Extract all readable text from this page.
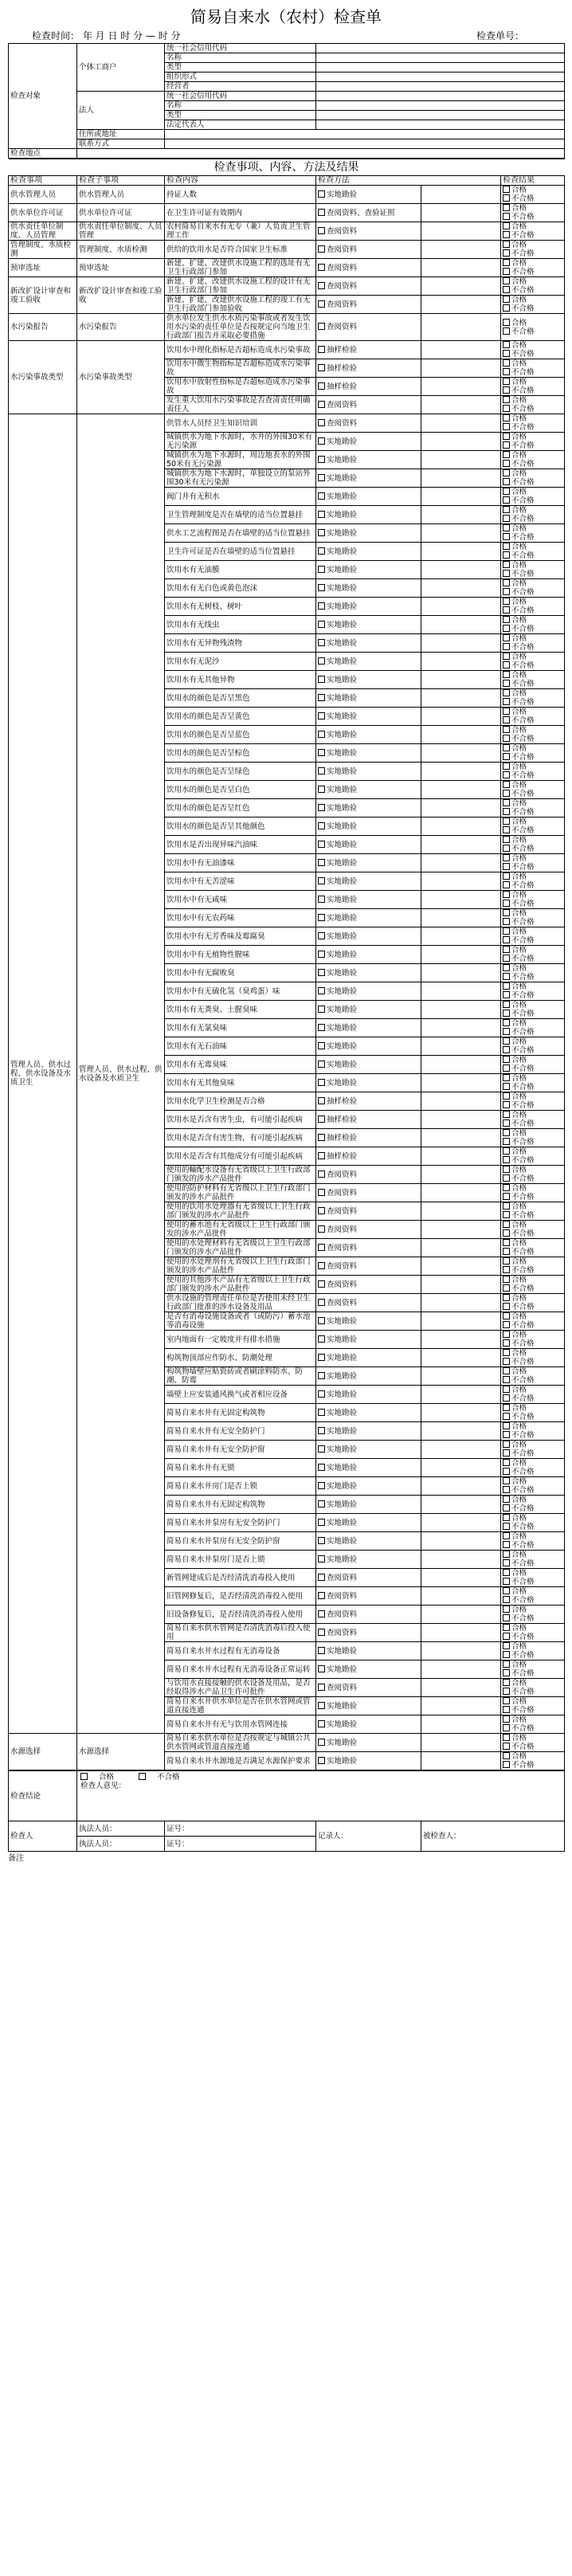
简易自来水（农村）检查单
检查时间： 年 月 日 时 分 — 时 分	检查单号：
检查对象	个体工商户	统一社会信用代码	
		名称	
		类型	
		组织形式	
		经营者	
	法人	统一社会信用代码	
		名称	
		类型	
		法定代表人	
	住所或地址		
	联系方式		
检查地点			
检查事项、内容、方法及结果					
检查事项	检查子事项	检查内容	检查方法		检查结果
供水管理人员	供水管理人员	持证人数	实地勘验		合格
不合格

供水单位许可证	供水单位许可证	在卫生许可证有效期内	查阅资料、查验证照		合格
不合格

供水责任单位制度、人员管理	供水责任单位制度、人员管理	农村简易自来水有无专（兼）人负责卫生管理工作	查阅资料		合格
不合格

管理制度、水质检测	管理制度、水质检测	供给的饮用水是否符合国家卫生标准	查阅资料		合格
不合格

预审选址	预审选址	新建、扩建、改建供水设施工程的选址有无卫生行政部门参加	查阅资料		合格
不合格

新改扩设计审查和竣工验收	新改扩设计审查和竣工验收	新建、扩建、改建供水设施工程的设计有无卫生行政部门参加	查阅资料		合格
不合格

		新建、扩建、改建供水设施工程的竣工有无卫生行政部门参加验收	查阅资料		合格
不合格

水污染报告	水污染报告	供水单位发生供水水质污染事故或者发生饮用水污染的责任单位是否按规定向当地卫生行政部门报告并采取必要措施	查阅资料		合格
不合格

水污染事故类型	水污染事故类型	饮用水中理化指标是否超标造成水污染事故	抽样检验		合格
不合格

		饮用水中微生物指标是否超标造成水污染事故	抽样检验		合格
不合格

		饮用水中放射性指标是否超标造成水污染事故	抽样检验		合格
不合格

		发生重大饮用水污染事故是否查清责任明确责任人	查阅资料		合格
不合格

管理人员、供水过程、供水设备及水质卫生	管理人员、供水过程、供水设备及水质卫生	供管水人员经卫生知识培训	查阅资料		合格
不合格

		城镇供水为地下水源时，水井的外围30米有无污染源	实地勘验		合格
不合格

		城镇供水为地下水源时，周边地表水的外围50米有无污染源	实地勘验		合格
不合格

		城镇供水为地下水源时，单独设立的泵站外围30米有无污染源	实地勘验		合格
不合格

		阀门井有无积水	实地勘验		合格
不合格

		卫生管理制度是否在墙壁的适当位置悬挂	实地勘验		合格
不合格

		供水工艺流程图是否在墙壁的适当位置悬挂	实地勘验		合格
不合格

		卫生许可证是否在墙壁的适当位置悬挂	实地勘验		合格
不合格

		饮用水有无油膜	实地勘验		合格
不合格

		饮用水有无白色或黄色泡沫	实地勘验		合格
不合格

		饮用水有无树枝、树叶	实地勘验		合格
不合格

		饮用水有无线虫	实地勘验		合格
不合格

		饮用水有无异物残渣物	实地勘验		合格
不合格

		饮用水有无泥沙	实地勘验		合格
不合格

		饮用水有无其他异物	实地勘验		合格
不合格

		饮用水的颜色是否呈黑色	实地勘验		合格
不合格

		饮用水的颜色是否呈黄色	实地勘验		合格
不合格

		饮用水的颜色是否呈蓝色	实地勘验		合格
不合格

		饮用水的颜色是否呈棕色	实地勘验		合格
不合格

		饮用水的颜色是否呈绿色	实地勘验		合格
不合格

		饮用水的颜色是否呈白色	实地勘验		合格
不合格

		饮用水的颜色是否呈红色	实地勘验		合格
不合格

		饮用水的颜色是否呈其他颜色	实地勘验		合格
不合格

		饮用水是否出现异味汽油味	实地勘验		合格
不合格

		饮用水中有无油漆味	实地勘验		合格
不合格

		饮用水中有无苦涩味	实地勘验		合格
不合格

		饮用水中有无咸味	实地勘验		合格
不合格

		饮用水中有无农药味	实地勘验		合格
不合格

		饮用水中有无芳香味及霉腐臭	实地勘验		合格
不合格

		饮用水中有无植物性腥味	实地勘验		合格
不合格

		饮用水中有无腐败臭	实地勘验		合格
不合格

		饮用水中有无硫化氢（臭鸡蛋）味	实地勘验		合格
不合格

		饮用水有无粪臭、土腥臭味	实地勘验		合格
不合格

		饮用水有无氯臭味	实地勘验		合格
不合格

		饮用水有无石油味	实地勘验		合格
不合格

		饮用水有无霉臭味	实地勘验		合格
不合格

		饮用水有无其他臭味	实地勘验		合格
不合格

		饮用水化学卫生检测是否合格	抽样检验		合格
不合格

		饮用水是否含有害生虫，有可能引起疾病	抽样检验		合格
不合格

		饮用水是否含有害生物，有可能引起疾病	抽样检验		合格
不合格

		饮用水是否含有其他成分有可能引起疾病	抽样检验		合格
不合格

		使用的輸配水设备有无省级以上卫生行政部门颁发的涉水产品批件	查阅资料		合格
不合格

		使用的防护材料有无省级以上卫生行政部门颁发的涉水产品批件	查阅资料		合格
不合格

		使用的饮用水处理器有无省级以上卫生行政部门颁发的涉水产品批件	查阅资料		合格
不合格

		使用的蓄水池有无省级以上卫生行政部门颁发的涉水产品批件	查阅资料		合格
不合格

		使用的水处理材料有无省级以上卫生行政部门颁发的涉水产品批件	查阅资料		合格
不合格

		使用的水处理剂有无省级以上卫生行政部门颁发的涉水产品批件	查阅资料		合格
不合格

		使用的其他涉水产品有无省级以上卫生行政部门颁发的涉水产品批件	查阅资料		合格
不合格

		供水设施的管理责任单位是否使用未经卫生行政部门批准的涉水设备及用品	查阅资料		合格
不合格

		是否有消毒设施设备或者（或防污）蓄水池等消毒设施	实地勘验		合格
不合格

		室内地面有一定坡度并有排水措施	实地勘验		合格
不合格

		构筑物顶部应作防水、防潮处理	实地勘验		合格
不合格

		构筑物墙壁应贴瓷砖或者刷涂料防水、防潮、防霉	实地勘验		合格
不合格

		墙壁上应安装通风换气或者相应设备	实地勘验		合格
不合格

		简易自来水井有无固定构筑物	实地勘验		合格
不合格

		简易自来水井有无安全防护门	实地勘验		合格
不合格

		简易自来水井有无安全防护窗	实地勘验		合格
不合格

		简易自来水井有无锁	实地勘验		合格
不合格

		简易自来水井房门是否上锁	实地勘验		合格
不合格

		简易自来水井有无固定构筑物	实地勘验		合格
不合格

		简易自来水井泵房有无安全防护门	实地勘验		合格
不合格

		简易自来水井泵房有无安全防护窗	实地勘验		合格
不合格

		简易自来水井泵房门是否上锁	实地勘验		合格
不合格

		新管网建成后是否经清洗消毒投入使用	查阅资料		合格
不合格

		旧管网修复后，是否经清洗消毒投入使用	查阅资料		合格
不合格

		旧设备修复后，是否经清洗消毒投入使用	查阅资料		合格
不合格

		简易自来水供水管网是否清洗消毒后投入使用	查阅资料		合格
不合格

		简易自来水井水过程有无消毒设备	实地勘验		合格
不合格

		简易自来水井水过程有无消毒设备正常运转	实地勘验		合格
不合格

		与饮用水直接接触的供水设备及用品，是否经取得涉水产品卫生许可批件	查阅资料		合格
不合格

		简易自来水井供水单位是否在供水管网或管道直接连通	实地勘验		合格
不合格

		简易自来水井有无与饮用水管网连接	实地勘验		合格
不合格

水源选择	水源选择	简易自来水供水单位是否按规定与城镇公共供水管网或管道直接连通	实地勘验		合格
不合格

		简易自来水井水源地是否满足水源保护要求	实地勘验		合格
不合格
检查结论	合格 不合格
检查人意见：			

检查人	执法人员：	证号：	记录人：	被检查人：
	执法人员：	证号：		
备注
